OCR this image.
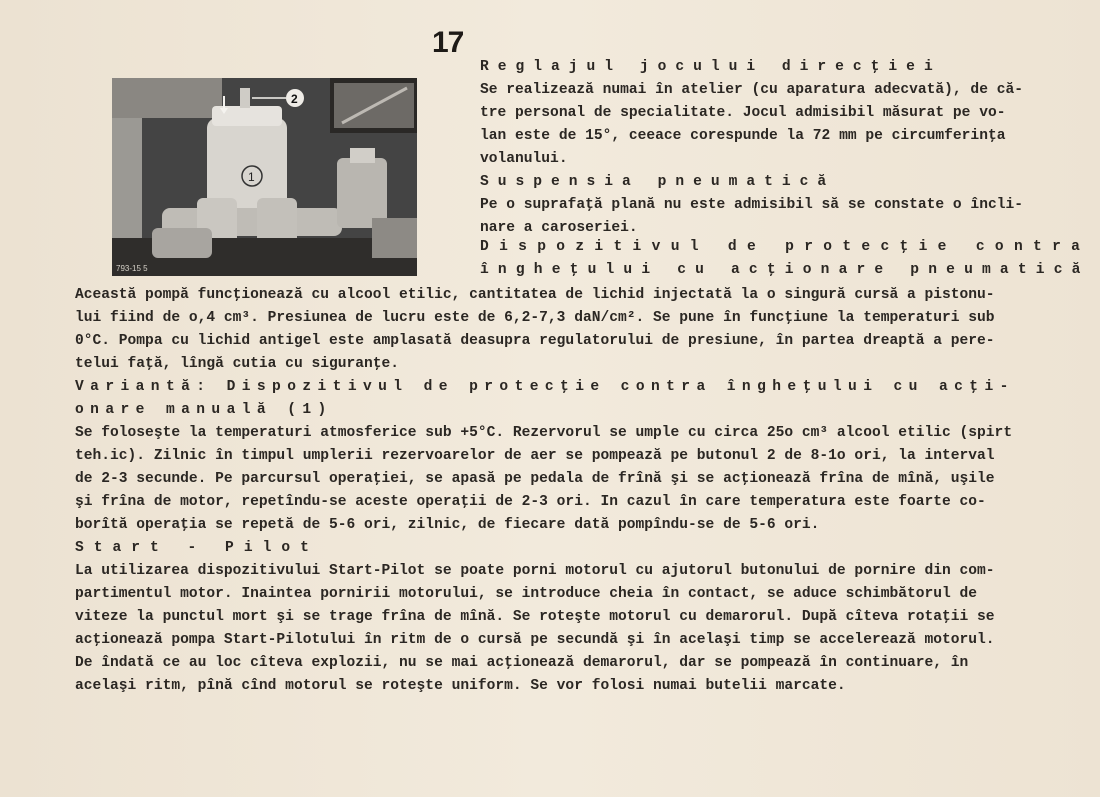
17
1
2
793-15 5
Reglajul jocului direcţiei
Se realizează numai în atelier (cu aparatura adecvată), de că-
tre personal de specialitate. Jocul admisibil măsurat pe vo-
lan este de 15°, ceeace corespunde la 72 mm pe circumferinţa
volanului.
Suspensia pneumatică
Pe o suprafaţă plană nu este admisibil să se constate o încli-
nare a caroseriei.
Dispozitivul de protecţie contra
îngheţului cu acţionare pneumatică
Această pompă funcţionează cu alcool etilic, cantitatea de lichid injectată la o singură cursă a pistonu-
lui fiind de o,4 cm³. Presiunea de lucru este de 6,2-7,3 daN/cm². Se pune în funcţiune la temperaturi sub
0°C. Pompa cu lichid antigel este amplasată deasupra regulatorului de presiune, în partea dreaptă a pere-
telui faţă, lîngă cutia cu siguranţe.
Variantă: Dispozitivul de protecţie contra îngheţului cu acţi-
onare manuală (1)
Se foloseşte la temperaturi atmosferice sub +5°C. Rezervorul se umple cu circa 25o cm³ alcool etilic (spirt
teh.ic). Zilnic în timpul umplerii rezervoarelor de aer se pompează pe butonul 2 de 8-1o ori, la interval
de 2-3 secunde. Pe parcursul operaţiei, se apasă pe pedala de frînă şi se acţionează frîna de mînă, uşile
şi frîna de motor, repetîndu-se aceste operaţii de 2-3 ori. In cazul în care temperatura este foarte co-
borîtă operaţia se repetă de 5-6 ori, zilnic, de fiecare dată pompîndu-se de 5-6 ori.
Start - Pilot
La utilizarea dispozitivului Start-Pilot se poate porni motorul cu ajutorul butonului de pornire din com-
partimentul motor. Inaintea pornirii motorului, se introduce cheia în contact, se aduce schimbătorul de
viteze la punctul mort şi se trage frîna de mînă. Se roteşte motorul cu demarorul. După cîteva rotaţii se
acţionează pompa Start-Pilotului în ritm de o cursă pe secundă şi în acelaşi timp se accelerează motorul.
De îndată ce au loc cîteva explozii, nu se mai acţionează demarorul, dar se pompează în continuare, în
acelaşi ritm, pînă cînd motorul se roteşte uniform. Se vor folosi numai butelii marcate.
